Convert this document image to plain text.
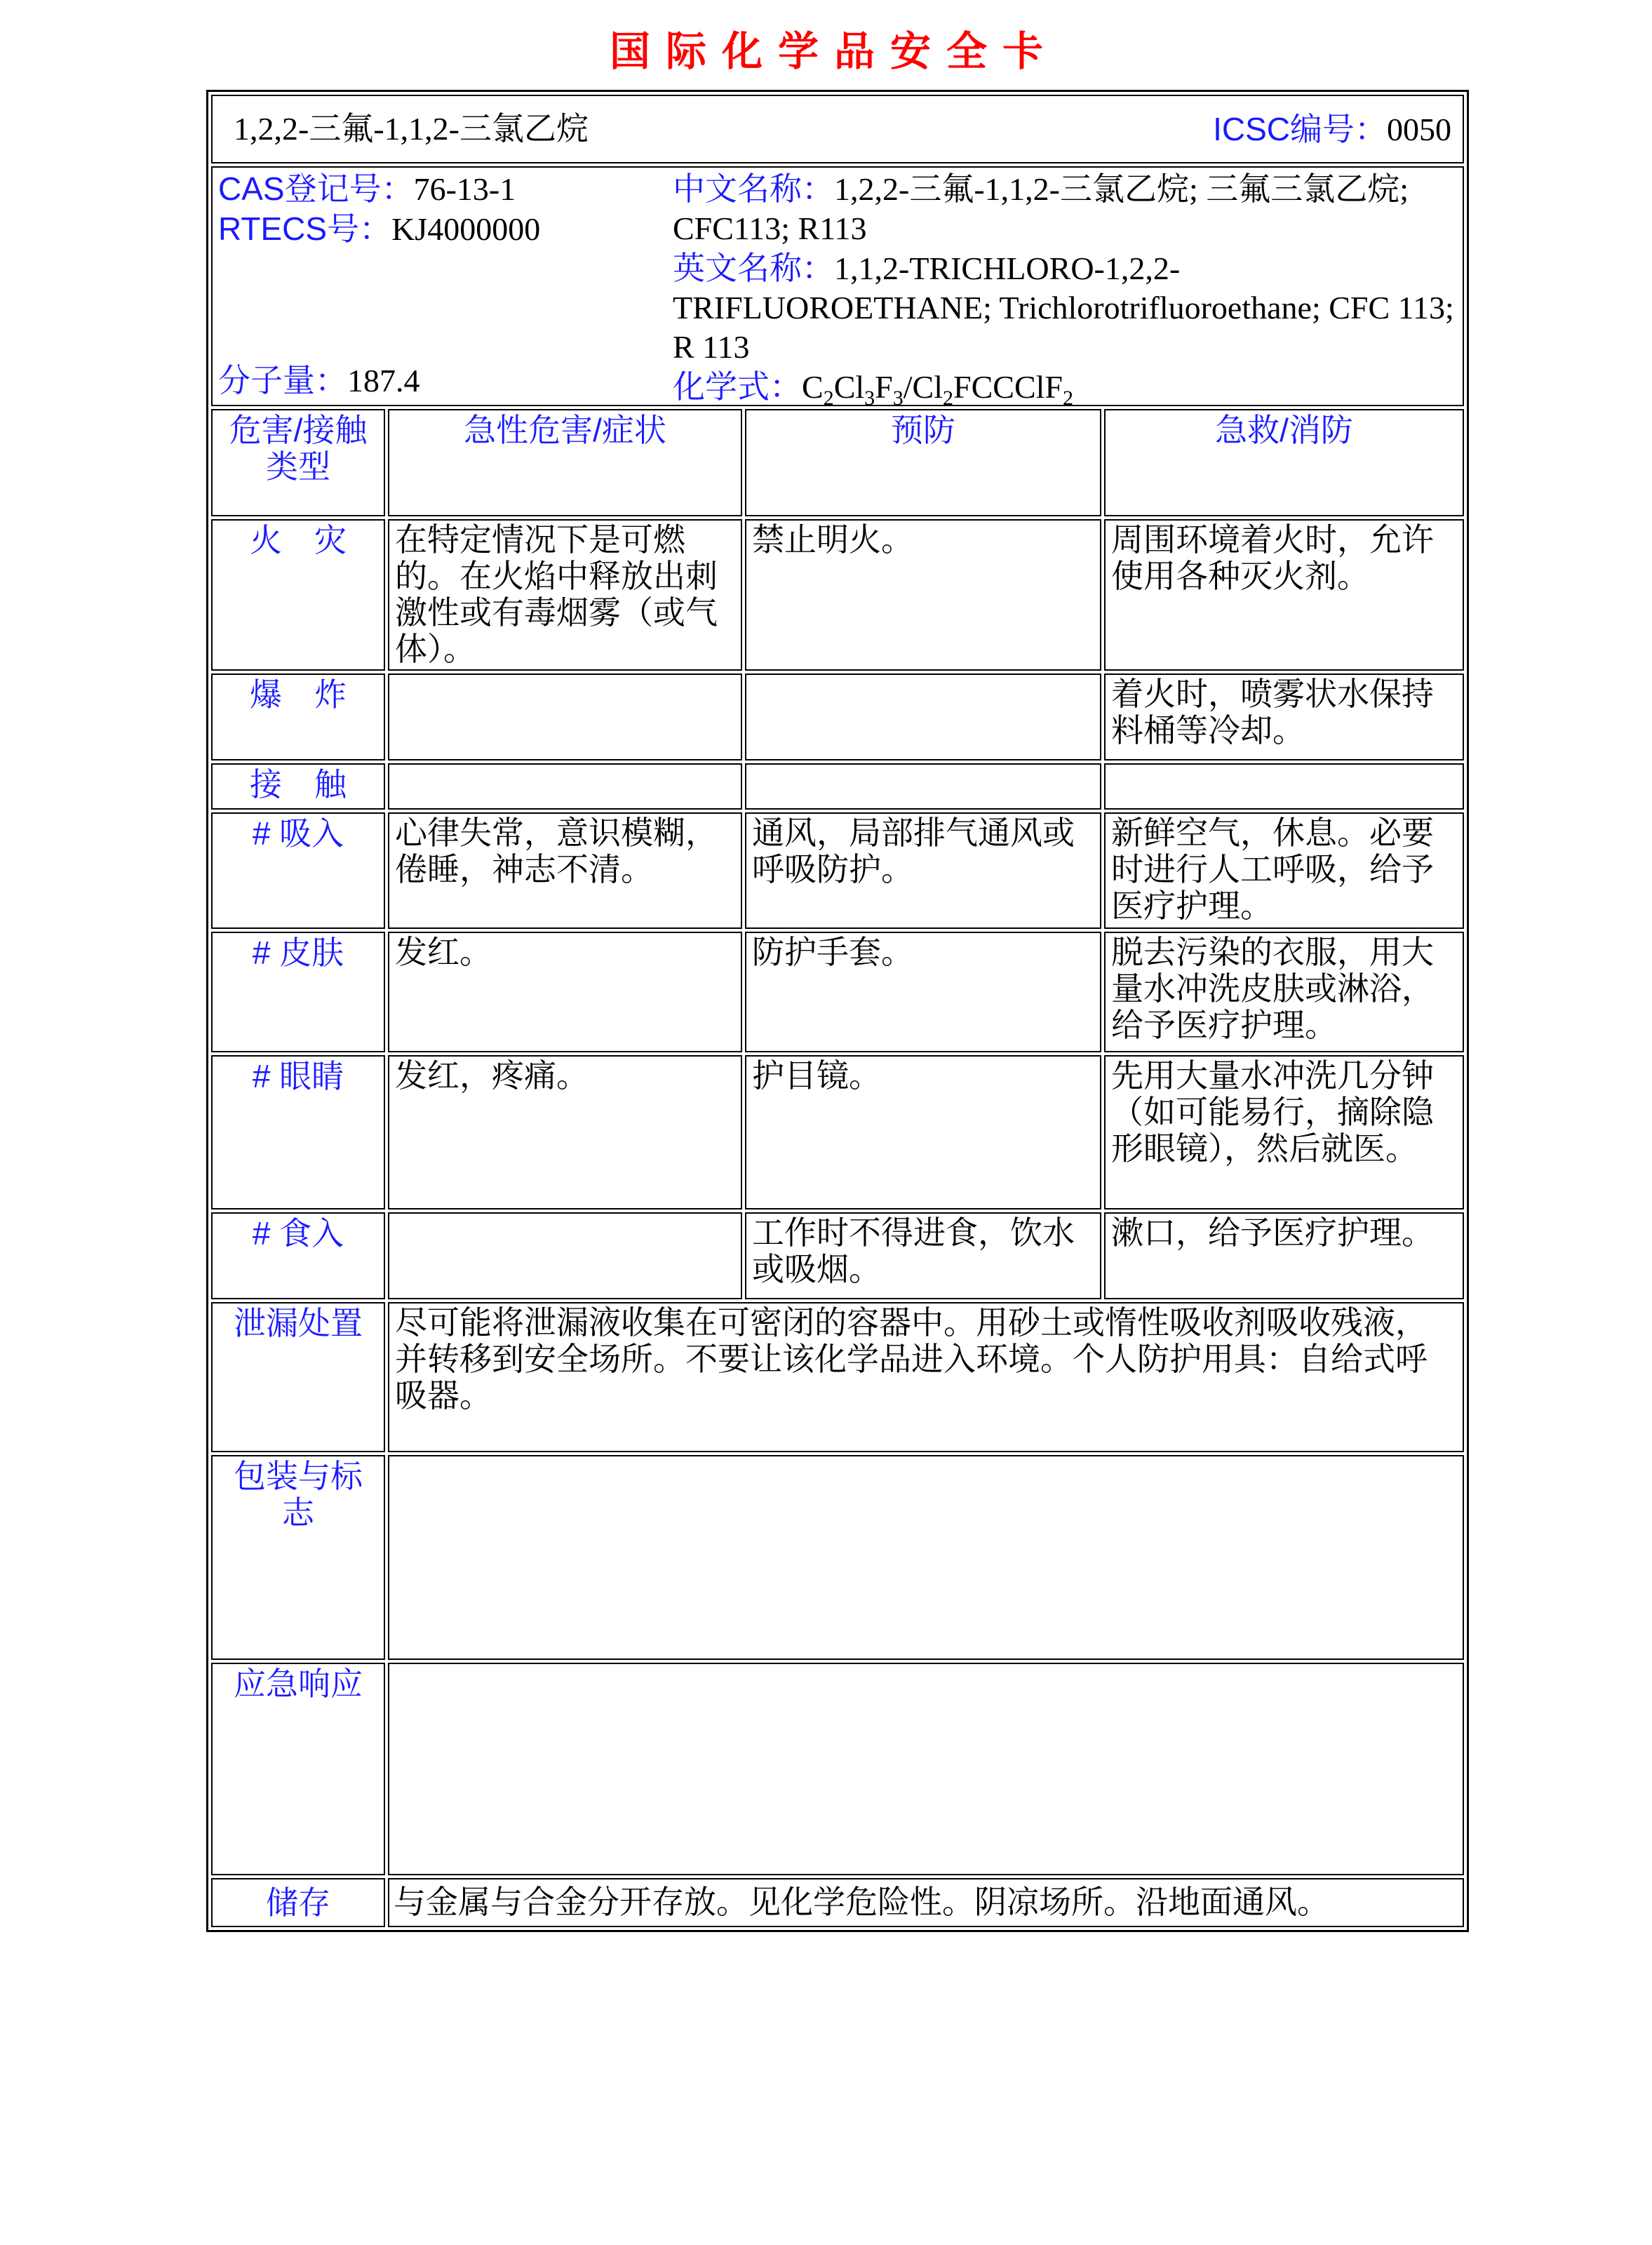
国际化学品安全卡
1,2,2-三氟-1,1,2-三氯乙烷 ICSC编号：0050			

CAS登记号：76-13-1
RTECS号：KJ4000000
分子量：187.4
中文名称：1,2,2-三氟-1,1,2-三氯乙烷; 三氟三氯乙烷; CFC113; R113
英文名称：1,1,2-TRICHLORO-1,2,2-TRIFLUOROETHANE; Trichlorotrifluoroethane; CFC 113; R 113
化学式：$C_2Cl_3F_3/Cl_2FCCClF_2$

危害/接触类型	急性危害/症状	预防	急救/消防
火　灾	在特定情况下是可燃的。在火焰中释放出刺激性或有毒烟雾（或气体）。	禁止明火。	周围环境着火时，允许使用各种灭火剂。
爆　炸			着火时，喷雾状水保持料桶等冷却。
接　触			
# 吸入	心律失常，意识模糊，倦睡，神志不清。	通风，局部排气通风或呼吸防护。	新鲜空气，休息。必要时进行人工呼吸，给予医疗护理。
# 皮肤	发红。	防护手套。	脱去污染的衣服，用大量水冲洗皮肤或淋浴，给予医疗护理。
# 眼睛	发红，疼痛。	护目镜。	先用大量水冲洗几分钟（如可能易行，摘除隐形眼镜），然后就医。
# 食入		工作时不得进食，饮水或吸烟。	漱口，给予医疗护理。
泄漏处置	尽可能将泄漏液收集在可密闭的容器中。用砂土或惰性吸收剂吸收残液，并转移到安全场所。不要让该化学品进入环境。个人防护用具：自给式呼吸器。		
包装与标志			
应急响应			
储存	与金属与合金分开存放。见化学危险性。阴凉场所。沿地面通风。		
